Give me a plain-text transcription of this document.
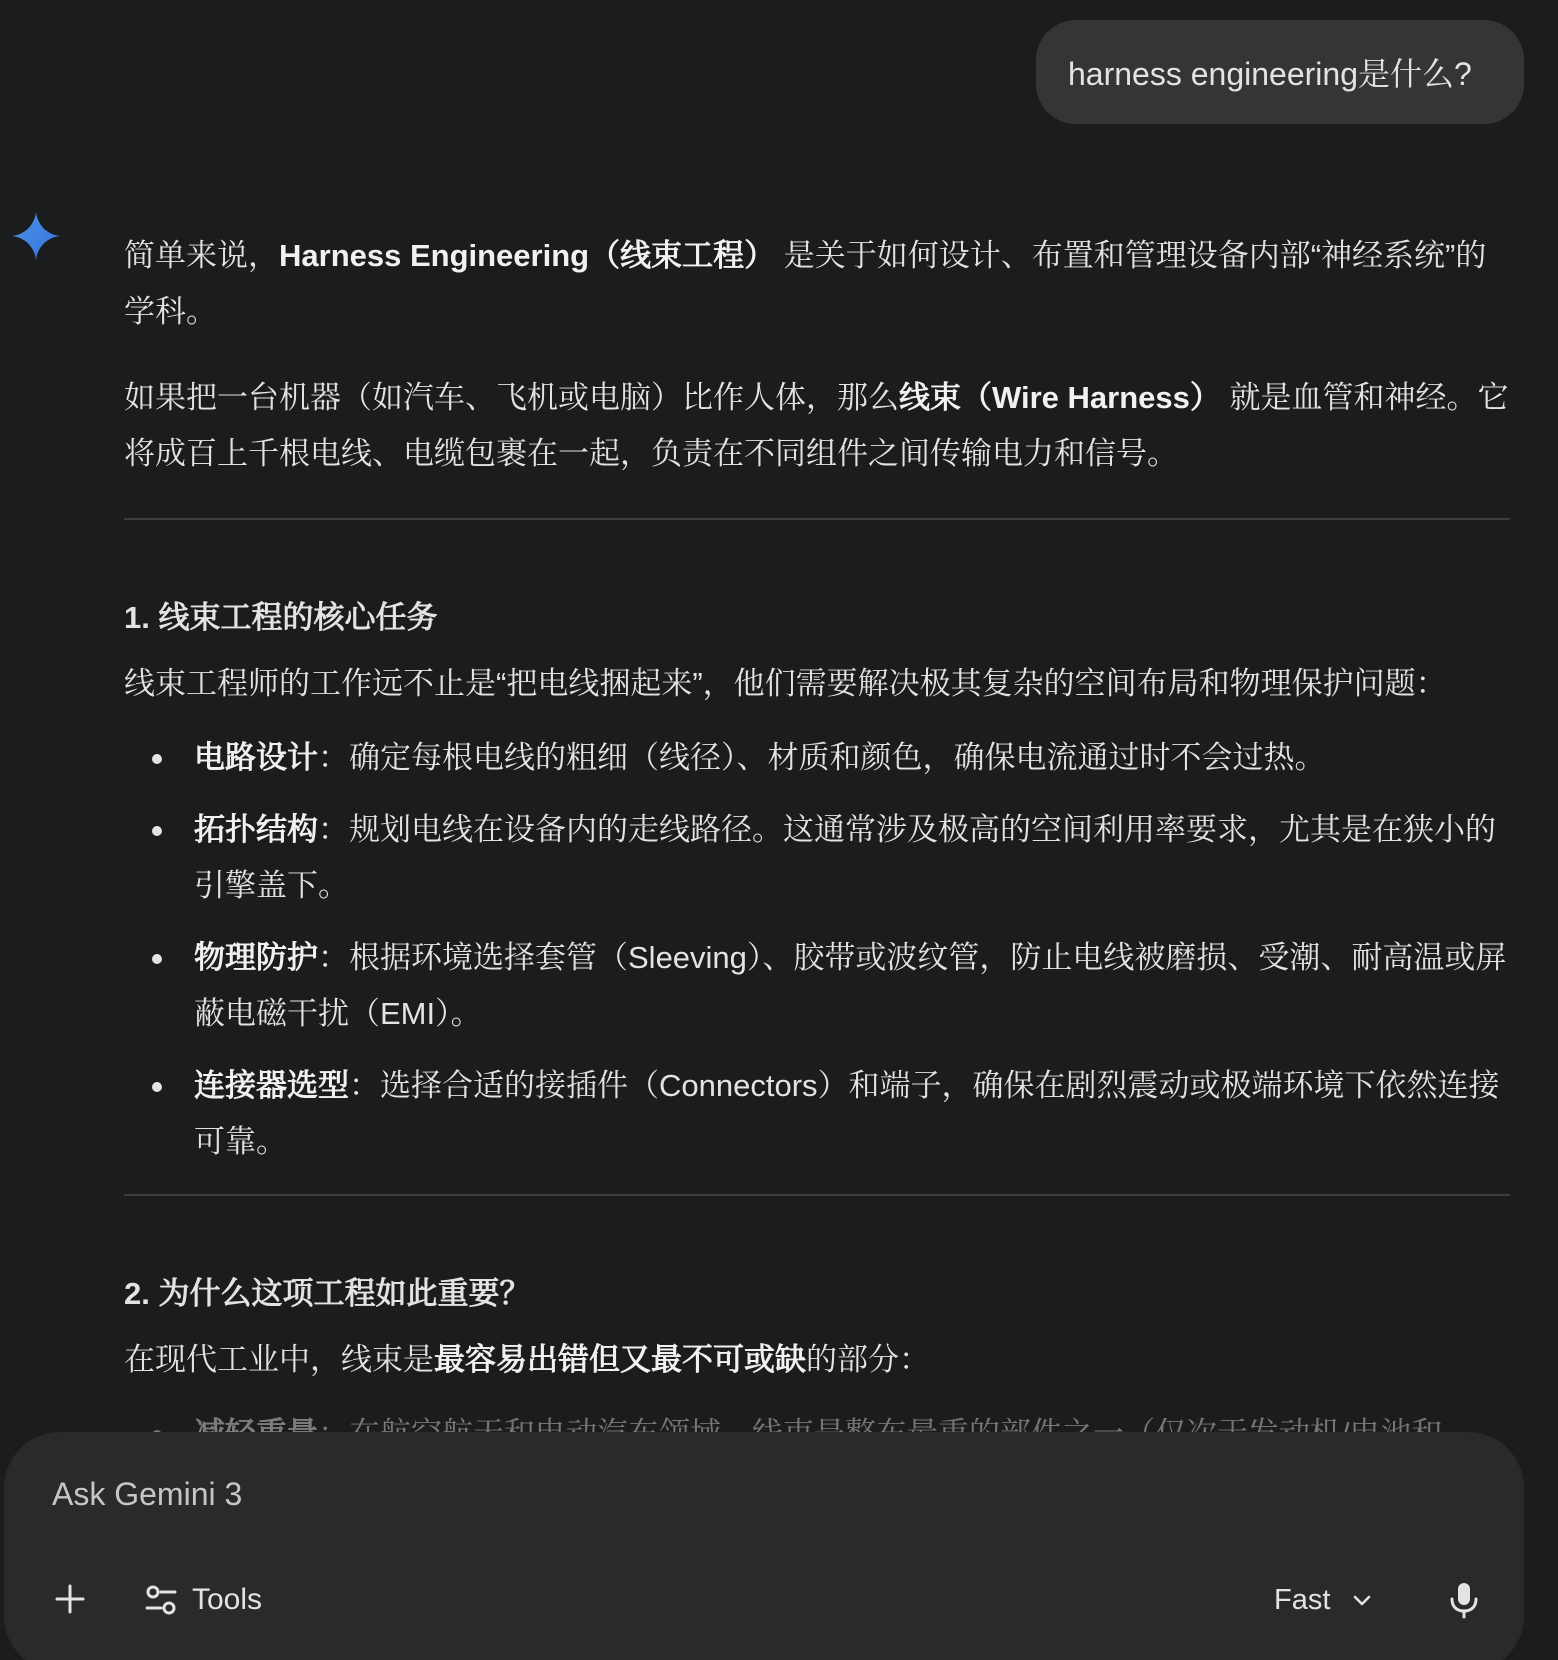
harness engineering是什么?

简单来说，Harness Engineering（线束工程） 是关于如何设计、布置和管理设备内部“神经系统”的学科。

如果把一台机器（如汽车、飞机或电脑）比作人体，那么线束（Wire Harness） 就是血管和神经。它将成百上千根电线、电缆包裹在一起，负责在不同组件之间传输电力和信号。

1. 线束工程的核心任务

线束工程师的工作远不止是“把电线捆起来”，他们需要解决极其复杂的空间布局和物理保护问题：

电路设计：确定每根电线的粗细（线径）、材质和颜色，确保电流通过时不会过热。
拓扑结构：规划电线在设备内的走线路径。这通常涉及极高的空间利用率要求，尤其是在狭小的引擎盖下。
物理防护：根据环境选择套管（Sleeving）、胶带或波纹管，防止电线被磨损、受潮、耐高温或屏蔽电磁干扰（EMI）。
连接器选型：选择合适的接插件（Connectors）和端子，确保在剧烈震动或极端环境下依然连接可靠。

2. 为什么这项工程如此重要？

在现代工业中，线束是最容易出错但又最不可或缺的部分：

Ask Gemini 3
Tools	Fast
